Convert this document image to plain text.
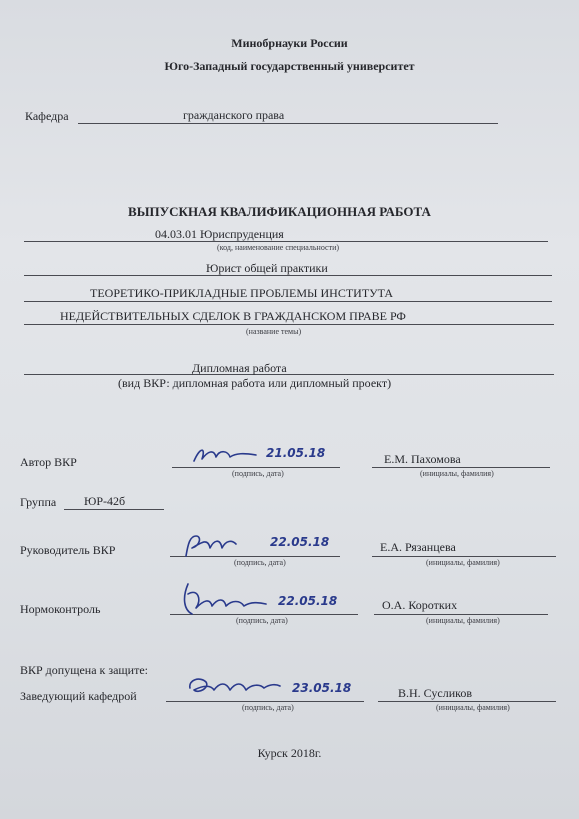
Минобрнауки России
Юго-Западный государственный университет
Кафедра	гражданского права
ВЫПУСКНАЯ КВАЛИФИКАЦИОННАЯ РАБОТА
04.03.01 Юриспруденция
(код, наименование специальности)
Юрист общей практики
ТЕОРЕТИКО-ПРИКЛАДНЫЕ ПРОБЛЕМЫ ИНСТИТУТА
НЕДЕЙСТВИТЕЛЬНЫХ СДЕЛОК В ГРАЖДАНСКОМ ПРАВЕ РФ
(название темы)
Дипломная работа
(вид ВКР: дипломная работа или дипломный проект)
Автор ВКР
21.05.18
(подпись, дата)
Е.М. Пахомова
(инициалы, фамилия)
Группа ЮР-42б
Руководитель ВКР
22.05.18
(подпись, дата)
Е.А. Рязанцева
(инициалы, фамилия)
Нормоконтроль
22.05.18
(подпись, дата)
О.А. Коротких
(инициалы, фамилия)
ВКР допущена к защите:
Заведующий кафедрой
23.05.18
(подпись, дата)
В.Н. Сусликов
(инициалы, фамилия)
Курск 2018г.
